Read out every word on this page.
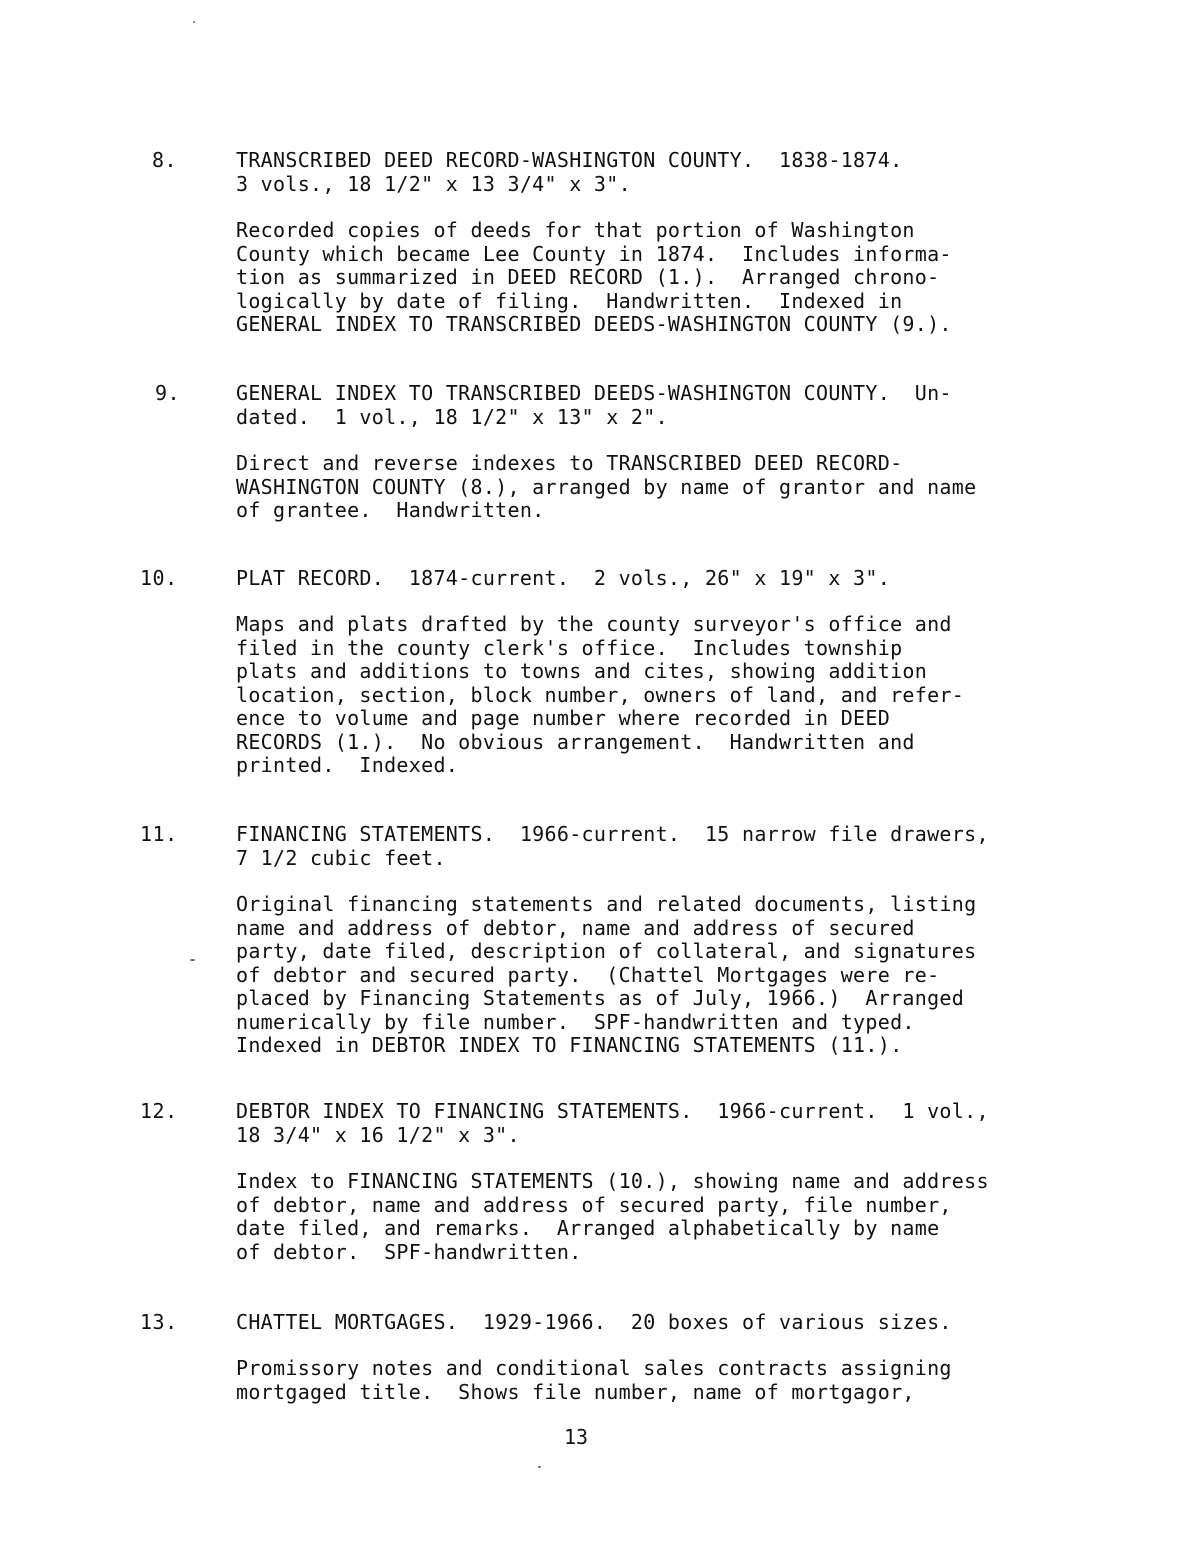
8.	TRANSCRIBED DEED RECORD-WASHINGTON COUNTY.  1838-1874.
3 vols., 18 1/2" x 13 3/4" x 3".
Recorded copies of deeds for that portion of Washington
County which became Lee County in 1874.  Includes informa-
tion as summarized in DEED RECORD (1.).  Arranged chrono-
logically by date of filing.  Handwritten.  Indexed in
GENERAL INDEX TO TRANSCRIBED DEEDS-WASHINGTON COUNTY (9.).
9.	GENERAL INDEX TO TRANSCRIBED DEEDS-WASHINGTON COUNTY.  Un-
dated.  1 vol., 18 1/2" x 13" x 2".
Direct and reverse indexes to TRANSCRIBED DEED RECORD-
WASHINGTON COUNTY (8.), arranged by name of grantor and name
of grantee.  Handwritten.
10.	PLAT RECORD.  1874-current.  2 vols., 26" x 19" x 3".
Maps and plats drafted by the county surveyor's office and
filed in the county clerk's office.  Includes township
plats and additions to towns and cites, showing addition
location, section, block number, owners of land, and refer-
ence to volume and page number where recorded in DEED
RECORDS (1.).  No obvious arrangement.  Handwritten and
printed.  Indexed.
11.	FINANCING STATEMENTS.  1966-current.  15 narrow file drawers,
7 1/2 cubic feet.
Original financing statements and related documents, listing
name and address of debtor, name and address of secured
party, date filed, description of collateral, and signatures
of debtor and secured party.  (Chattel Mortgages were re-
placed by Financing Statements as of July, 1966.)  Arranged
numerically by file number.  SPF-handwritten and typed.
Indexed in DEBTOR INDEX TO FINANCING STATEMENTS (11.).
12.	DEBTOR INDEX TO FINANCING STATEMENTS.  1966-current.  1 vol.,
18 3/4" x 16 1/2" x 3".
Index to FINANCING STATEMENTS (10.), showing name and address
of debtor, name and address of secured party, file number,
date filed, and remarks.  Arranged alphabetically by name
of debtor.  SPF-handwritten.
13.	CHATTEL MORTGAGES.  1929-1966.  20 boxes of various sizes.
Promissory notes and conditional sales contracts assigning
mortgaged title.  Shows file number, name of mortgagor,
13
